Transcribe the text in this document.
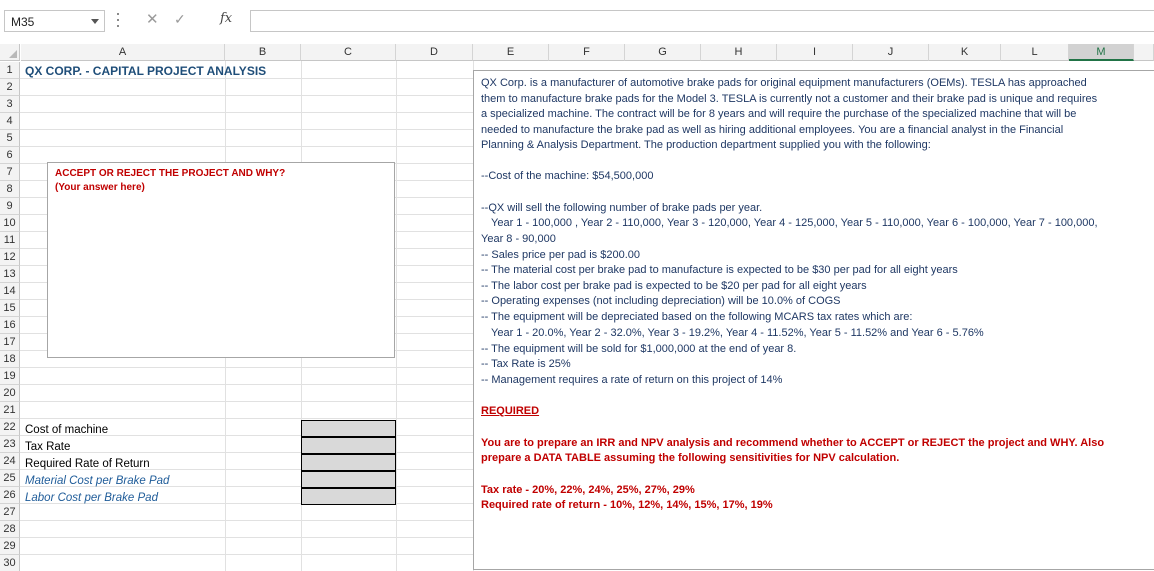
M35	✕ ✓	fx
A	B	C	D	E	F	G	H	I	J	K	L	M
1
2
3
4
5
6
7
8
9
10
11
12
13
14
15
16
17
18
19
20
21
22
23
24
25
26
27
28
29
30
QX CORP. - CAPITAL PROJECT ANALYSIS
ACCEPT OR REJECT THE PROJECT AND WHY?
(Your answer here)
Cost of machine
Tax Rate
Required Rate of Return
Material Cost per Brake Pad
Labor Cost per Brake Pad
QX Corp. is a manufacturer of automotive brake pads for original equipment manufacturers (OEMs). TESLA has approached
them to manufacture brake pads for the Model 3. TESLA is currently not a customer and their brake pad is unique and requires
a specialized machine. The contract will be for 8 years and will require the purchase of the specialized machine that will be
needed to manufacture the brake pad as well as hiring additional employees. You are a financial analyst in the Financial
Planning & Analysis Department. The production department supplied you with the following:
--Cost of the machine: $54,500,000
--QX will sell the following number of brake pads per year.
Year 1 - 100,000 , Year 2 - 110,000, Year 3 - 120,000, Year 4 - 125,000, Year 5 - 110,000, Year 6 - 100,000, Year 7 - 100,000,
Year 8 - 90,000
-- Sales price per pad is $200.00
-- The material cost per brake pad to manufacture is expected to be $30 per pad for all eight years
-- The labor cost per brake pad is expected to be $20 per pad for all eight years
-- Operating expenses (not including depreciation) will be 10.0% of COGS
-- The equipment will be depreciated based on the following MCARS tax rates which are:
Year 1 - 20.0%, Year 2 - 32.0%, Year 3 - 19.2%, Year 4 - 11.52%, Year 5 - 11.52% and Year 6 - 5.76%
-- The equipment will be sold for $1,000,000 at the end of year 8.
-- Tax Rate is 25%
-- Management requires a rate of return on this project of 14%
REQUIRED
You are to prepare an IRR and NPV analysis and recommend whether to ACCEPT or REJECT the project and WHY. Also
prepare a DATA TABLE assuming the following sensitivities for NPV calculation.
Tax rate - 20%, 22%, 24%, 25%, 27%, 29%
Required rate of return - 10%, 12%, 14%, 15%, 17%, 19%
